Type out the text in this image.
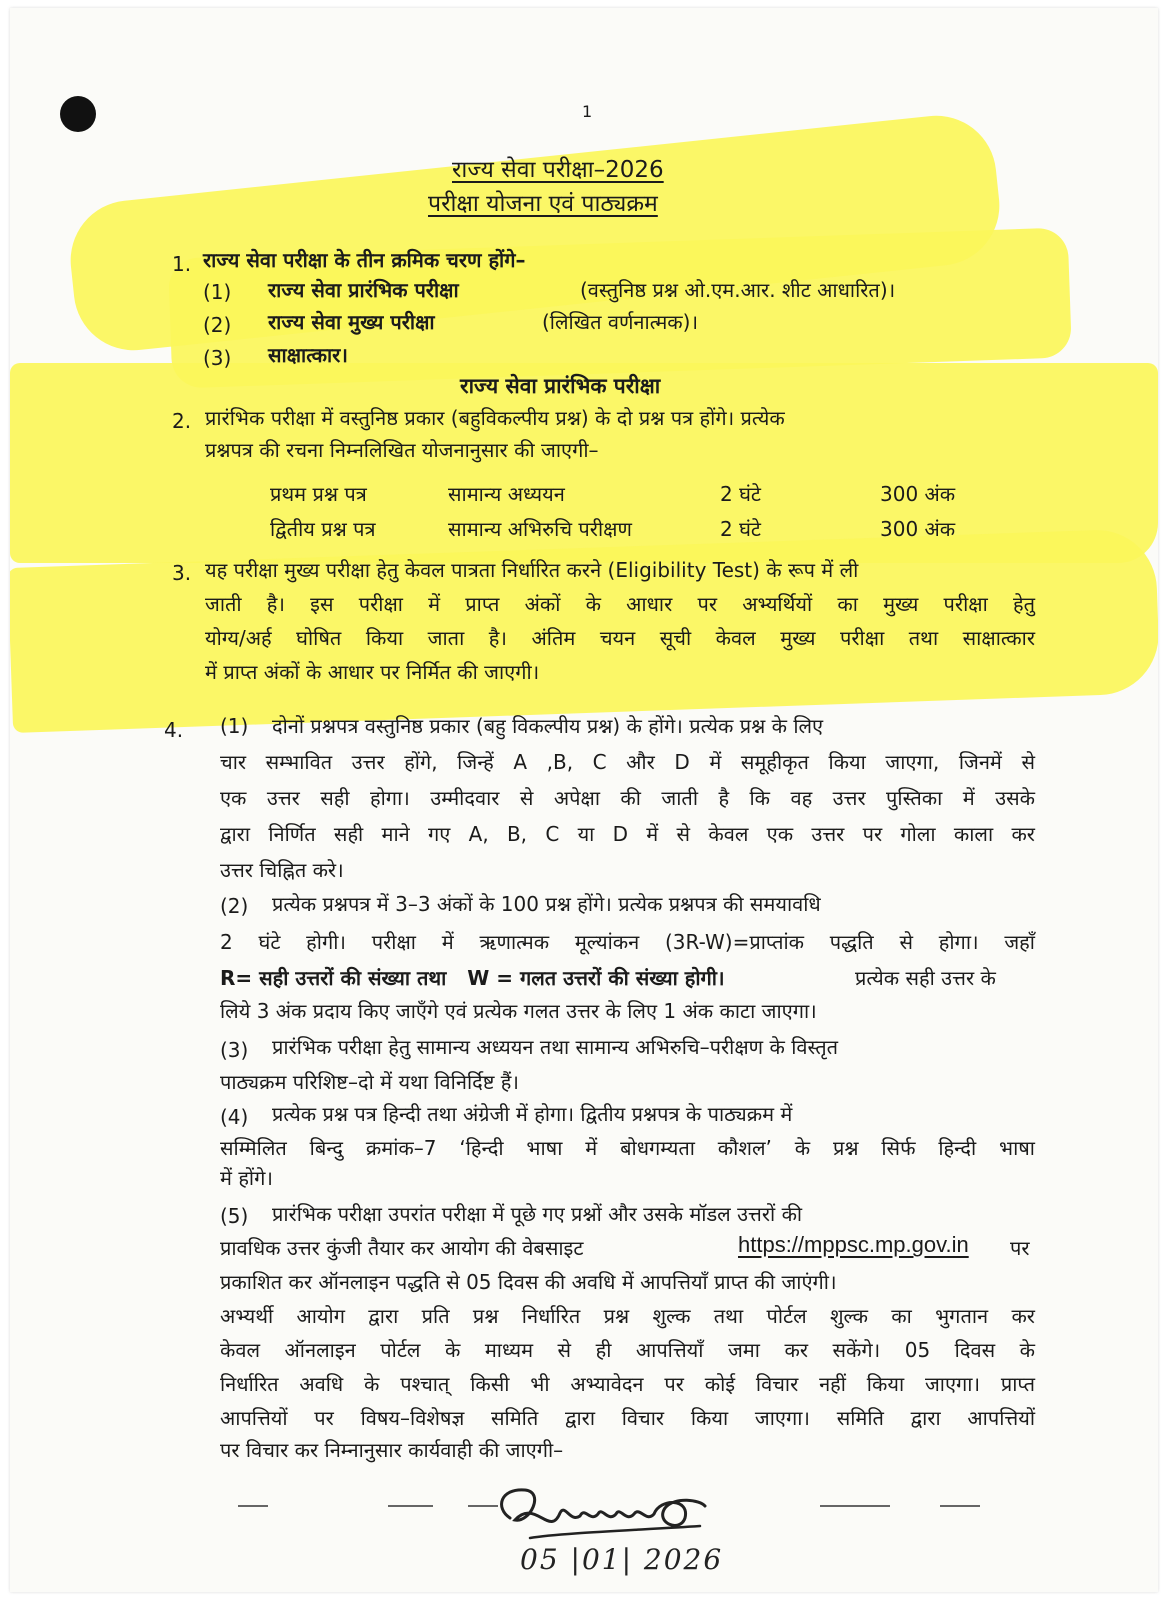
1
राज्य सेवा परीक्षा–2026
परीक्षा योजना एवं पाठ्यक्रम
1. राज्य सेवा परीक्षा के तीन क्रमिक चरण होंगे–
(1) राज्य सेवा प्रारंभिक परीक्षा	(वस्तुनिष्ठ प्रश्न ओ.एम.आर. शीट आधारित)।
(2) राज्य सेवा मुख्य परीक्षा	(लिखित वर्णनात्मक)।
(3) साक्षात्कार।
राज्य सेवा प्रारंभिक परीक्षा
2. प्रारंभिक परीक्षा में वस्तुनिष्ठ प्रकार (बहुविकल्पीय प्रश्न) के दो प्रश्न पत्र होंगे। प्रत्येक
प्रश्नपत्र की रचना निम्नलिखित योजनानुसार की जाएगी–
प्रथम प्रश्न पत्र	सामान्य अध्ययन	2 घंटे	300 अंक
द्वितीय प्रश्न पत्र	सामान्य अभिरुचि परीक्षण	2 घंटे	300 अंक
3. यह परीक्षा मुख्य परीक्षा हेतु केवल पात्रता निर्धारित करने (Eligibility Test) के रूप में ली
जाती है। इस परीक्षा में प्राप्त अंकों के आधार पर अभ्यर्थियों का मुख्य परीक्षा हेतु
योग्य/अर्ह घोषित किया जाता है। अंतिम चयन सूची केवल मुख्य परीक्षा तथा साक्षात्कार
में प्राप्त अंकों के आधार पर निर्मित की जाएगी।
4. (1) दोनों प्रश्नपत्र वस्तुनिष्ठ प्रकार (बहु विकल्पीय प्रश्न) के होंगे। प्रत्येक प्रश्न के लिए
चार सम्भावित उत्तर होंगे, जिन्हें A ,B, C और D में समूहीकृत किया जाएगा, जिनमें से
एक उत्तर सही होगा। उम्मीदवार से अपेक्षा की जाती है कि वह उत्तर पुस्तिका में उसके
द्वारा निर्णित सही माने गए A, B, C या D में से केवल एक उत्तर पर गोला काला कर
उत्तर चिह्नित करे।
(2) प्रत्येक प्रश्नपत्र में 3–3 अंकों के 100 प्रश्न होंगे। प्रत्येक प्रश्नपत्र की समयावधि
2 घंटे होगी। परीक्षा में ऋणात्मक मूल्यांकन (3R-W)=प्राप्तांक पद्धति से होगा। जहाँ
R= सही उत्तरों की संख्या तथा   W = गलत उत्तरों की संख्या होगी।	प्रत्येक सही उत्तर के
लिये 3 अंक प्रदाय किए जाएँगे एवं प्रत्येक गलत उत्तर के लिए 1 अंक काटा जाएगा।
(3) प्रारंभिक परीक्षा हेतु सामान्य अध्ययन तथा सामान्य अभिरुचि–परीक्षण के विस्तृत
पाठ्यक्रम परिशिष्ट–दो में यथा विनिर्दिष्ट हैं।
(4) प्रत्येक प्रश्न पत्र हिन्दी तथा अंग्रेजी में होगा। द्वितीय प्रश्नपत्र के पाठ्यक्रम में
सम्मिलित बिन्दु क्रमांक–7 ‘हिन्दी भाषा में बोधगम्यता कौशल’ के प्रश्न सिर्फ हिन्दी भाषा
में होंगे।
(5) प्रारंभिक परीक्षा उपरांत परीक्षा में पूछे गए प्रश्नों और उसके मॉडल उत्तरों की
प्रावधिक उत्तर कुंजी तैयार कर आयोग की वेबसाइट	https://mppsc.mp.gov.in पर
प्रकाशित कर ऑनलाइन पद्धति से 05 दिवस की अवधि में आपत्तियाँ प्राप्त की जाएंगी।
अभ्यर्थी आयोग द्वारा प्रति प्रश्न निर्धारित प्रश्न शुल्क तथा पोर्टल शुल्क का भुगतान कर
केवल ऑनलाइन पोर्टल के माध्यम से ही आपत्तियाँ जमा कर सकेंगे। 05 दिवस के
निर्धारित अवधि के पश्चात् किसी भी अभ्यावेदन पर कोई विचार नहीं किया जाएगा। प्राप्त
आपत्तियों पर विषय–विशेषज्ञ समिति द्वारा विचार किया जाएगा। समिति द्वारा आपत्तियों
पर विचार कर निम्नानुसार कार्यवाही की जाएगी–
05 |01| 2026
